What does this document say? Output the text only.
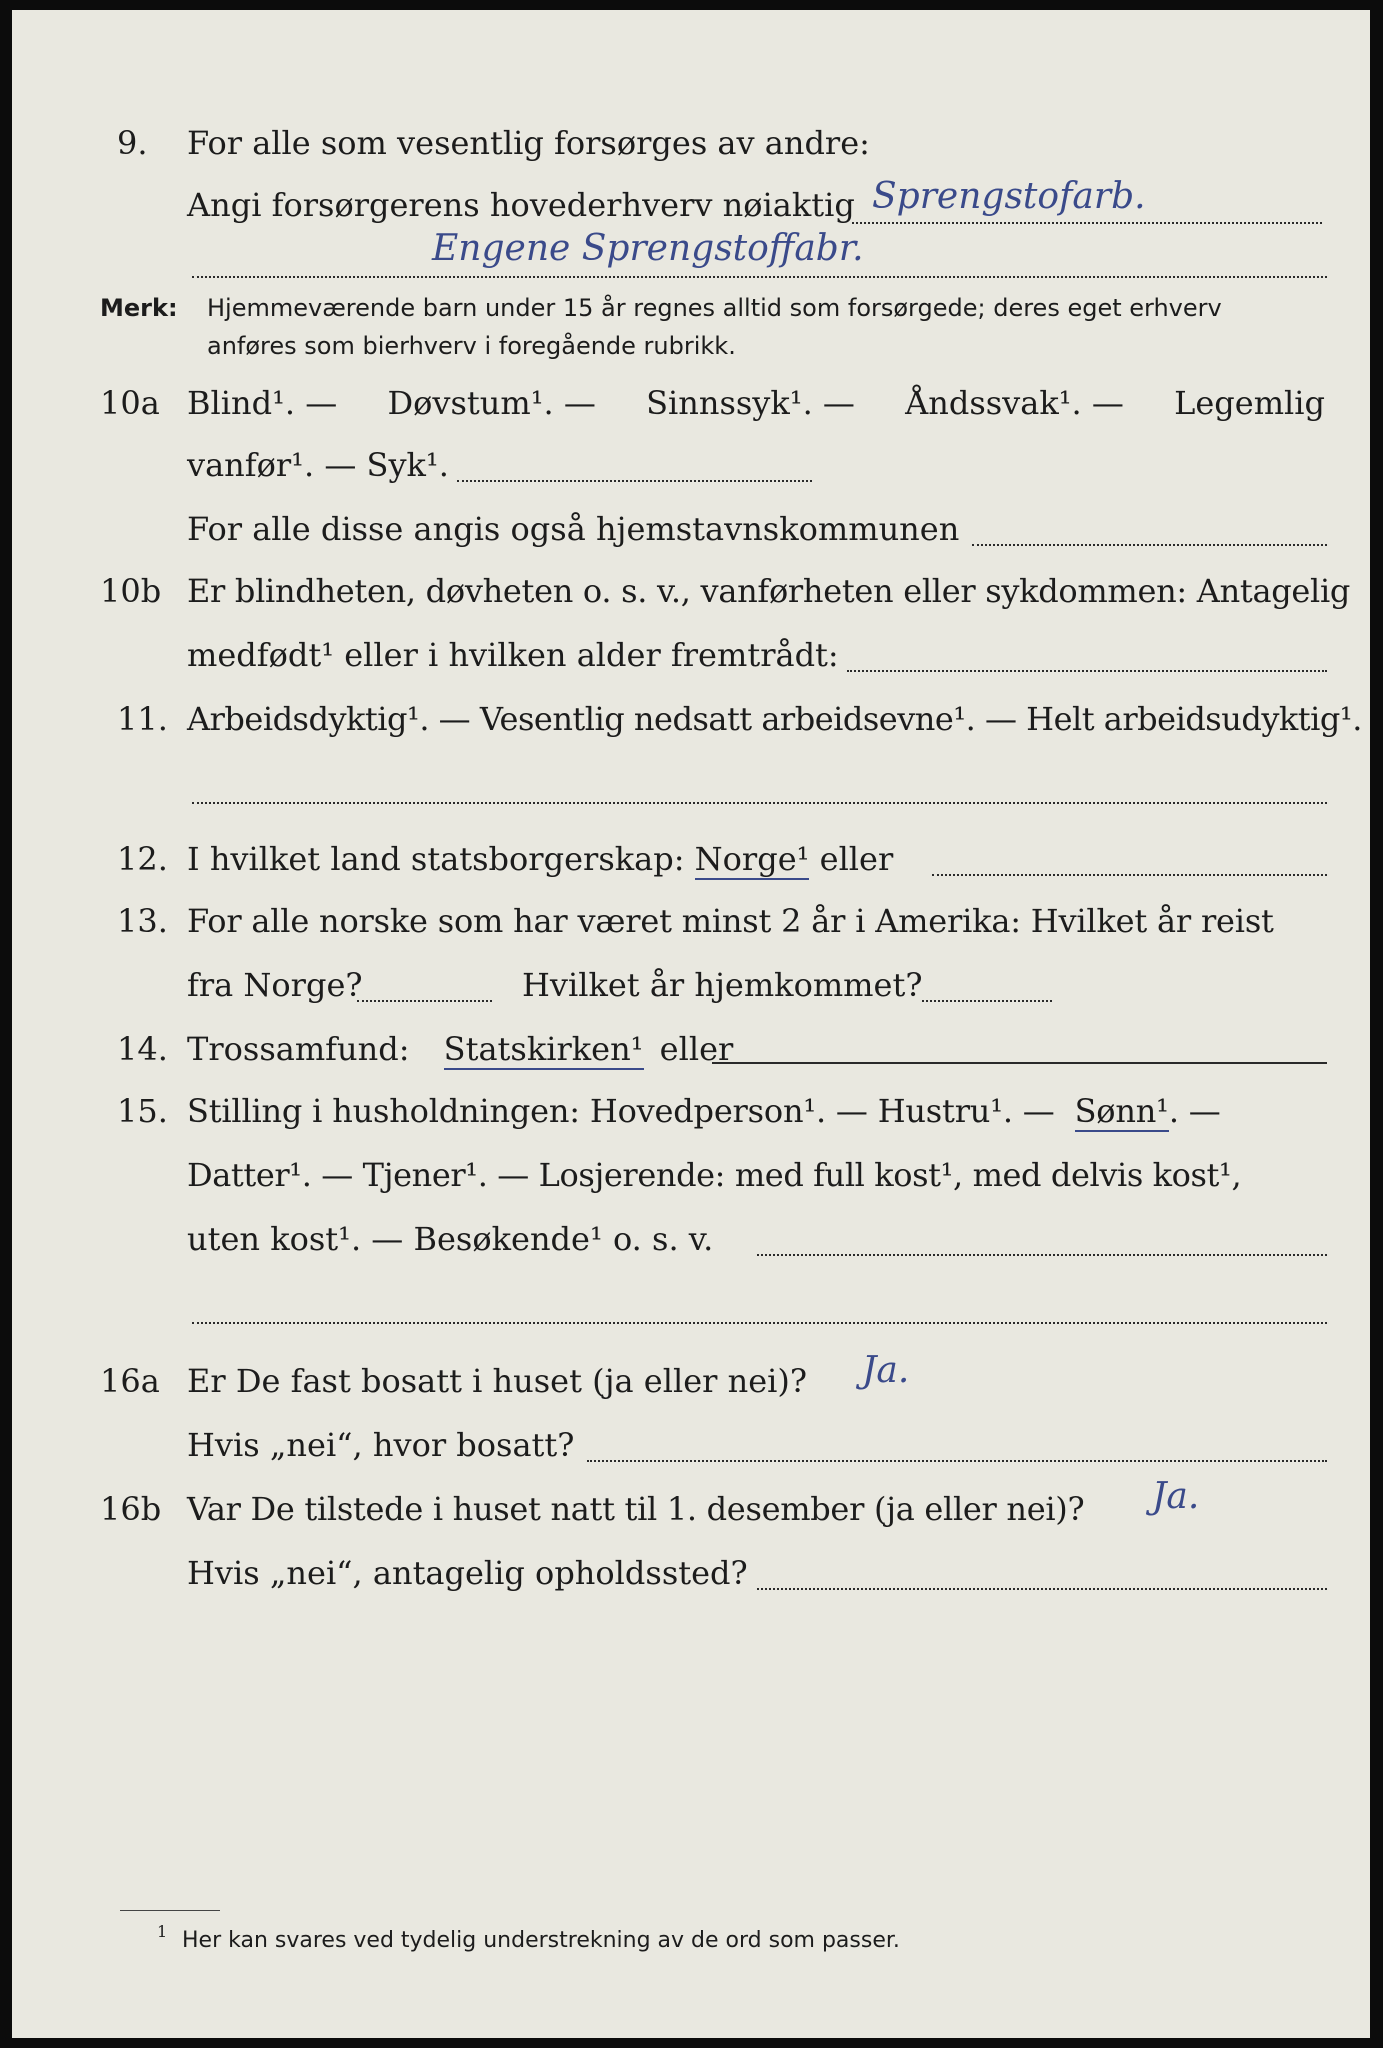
9. For alle som vesentlig forsørges av andre:
Angi forsørgerens hovederhverv nøiaktig Sprengstofarb.
Engene Sprengstoffabr.
Merk: Hjemmeværende barn under 15 år regnes alltid som forsørgede; deres eget erhverv
anføres som bierhverv i foregående rubrikk.
10a Blind¹. — Døvstum¹. — Sinnssyk¹. — Åndssvak¹. — Legemlig
vanfør¹. — Syk¹.
For alle disse angis også hjemstavnskommunen
10b Er blindheten, døvheten o. s. v., vanførheten eller sykdommen: Antagelig
medfødt¹ eller i hvilken alder fremtrådt:
11. Arbeidsdyktig¹. — Vesentlig nedsatt arbeidsevne¹. — Helt arbeidsudyktig¹.
12. I hvilket land statsborgerskap: Norge¹ eller
13. For alle norske som har været minst 2 år i Amerika: Hvilket år reist
fra Norge?	Hvilket år hjemkommet?
14. Trossamfund: Statskirken¹ eller
15. Stilling i husholdningen: Hovedperson¹. — Hustru¹. — Sønn¹. —
Datter¹. — Tjener¹. — Losjerende: med full kost¹, med delvis kost¹,
uten kost¹. — Besøkende¹ o. s. v.
16a Er De fast bosatt i huset (ja eller nei)? Ja.
Hvis „nei“, hvor bosatt?
16b Var De tilstede i huset natt til 1. desember (ja eller nei)? Ja.
Hvis „nei“, antagelig opholdssted?
1 Her kan svares ved tydelig understrekning av de ord som passer.
